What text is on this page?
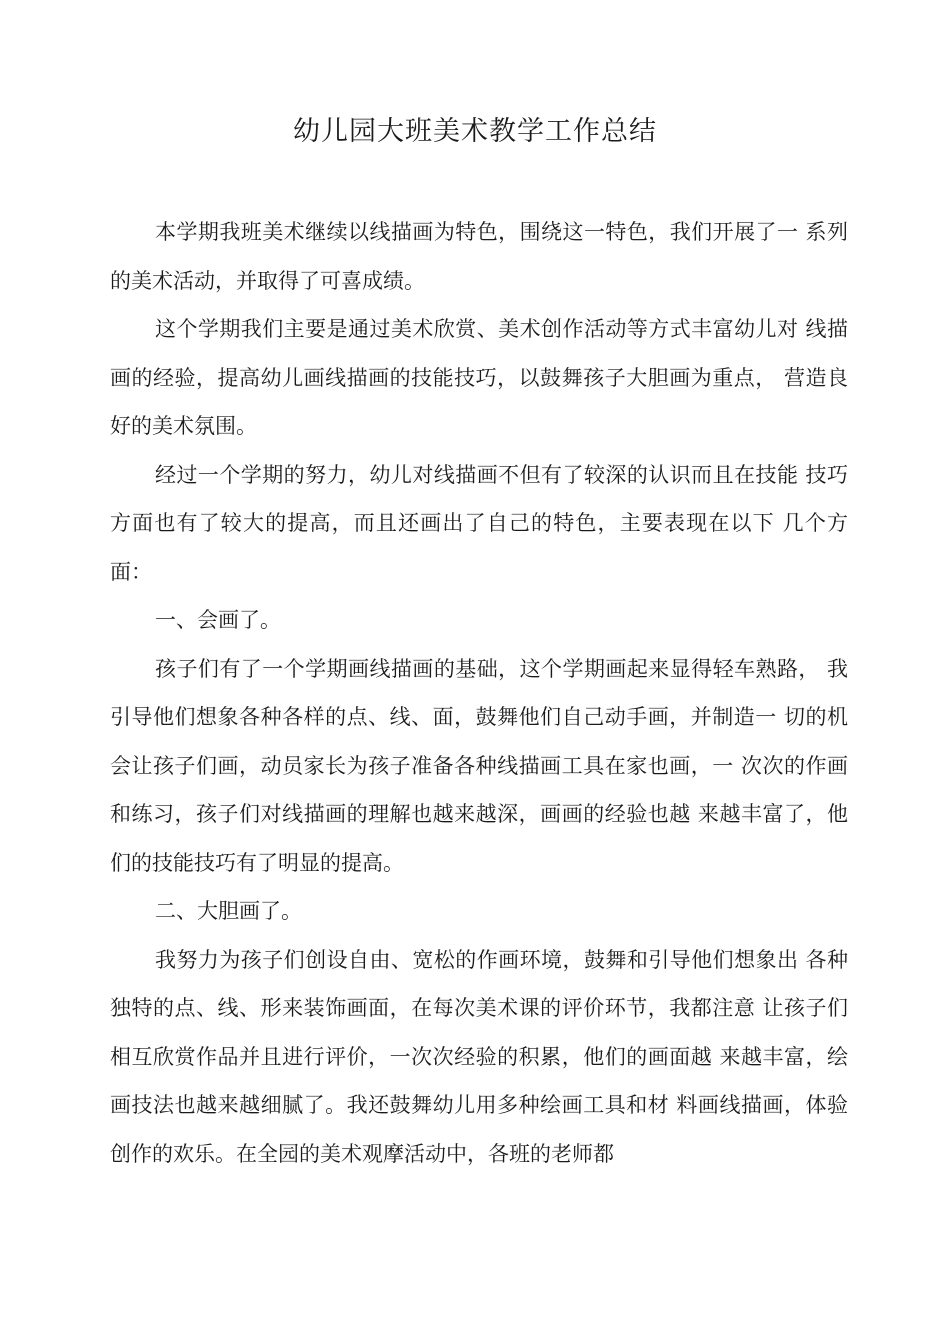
幼儿园大班美术教学工作总结

本学期我班美术继续以线描画为特色，围绕这一特色，我们开展了一 系列的美术活动，并取得了可喜成绩。

这个学期我们主要是通过美术欣赏、美术创作活动等方式丰富幼儿对 线描画的经验，提高幼儿画线描画的技能技巧，以鼓舞孩子大胆画为重点， 营造良好的美术氛围。

经过一个学期的努力，幼儿对线描画不但有了较深的认识而且在技能 技巧方面也有了较大的提高，而且还画出了自己的特色，主要表现在以下 几个方面：

一、会画了。

孩子们有了一个学期画线描画的基础，这个学期画起来显得轻车熟路， 我引导他们想象各种各样的点、线、面，鼓舞他们自己动手画，并制造一 切的机会让孩子们画，动员家长为孩子准备各种线描画工具在家也画，一 次次的作画和练习，孩子们对线描画的理解也越来越深，画画的经验也越 来越丰富了，他们的技能技巧有了明显的提高。

二、大胆画了。

我努力为孩子们创设自由、宽松的作画环境，鼓舞和引导他们想象出 各种独特的点、线、形来装饰画面，在每次美术课的评价环节，我都注意 让孩子们相互欣赏作品并且进行评价，一次次经验的积累，他们的画面越 来越丰富，绘画技法也越来越细腻了。我还鼓舞幼儿用多种绘画工具和材 料画线描画，体验创作的欢乐。在全园的美术观摩活动中，各班的老师都
